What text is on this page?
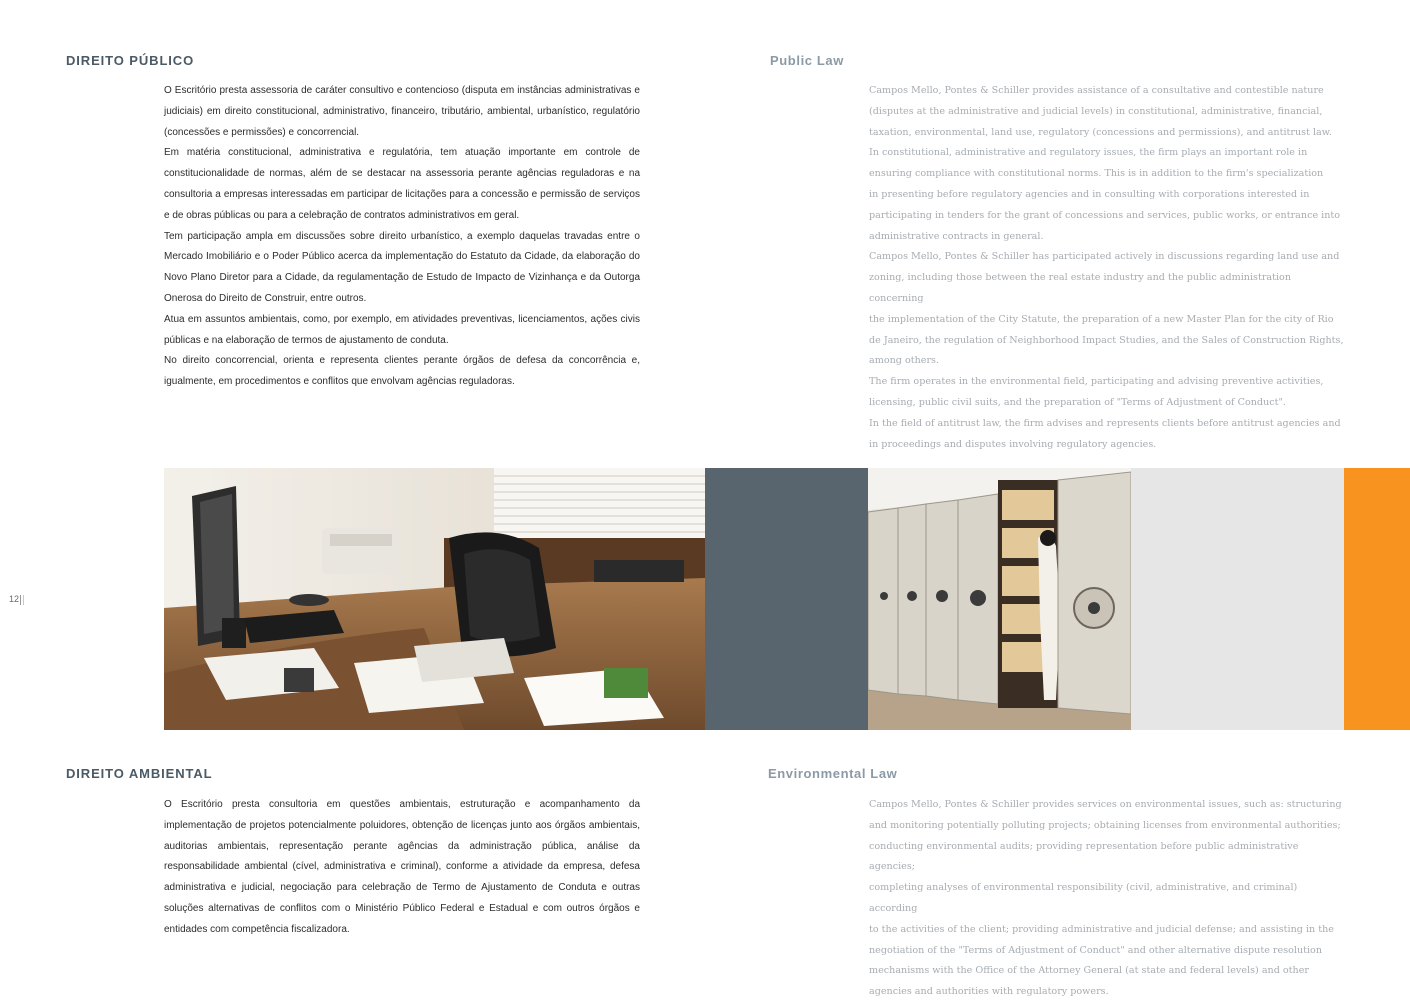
12
DIREITO PÚBLICO	Public Law

O Escritório presta assessoria de caráter consultivo e contencioso (disputa em instâncias administrativas e judiciais) em direito constitucional, administrativo, financeiro, tributário, ambiental, urbanístico, regulatório (concessões e permissões) e concorrencial.

Em matéria constitucional, administrativa e regulatória, tem atuação importante em controle de constitucionalidade de normas, além de se destacar na assessoria perante agências reguladoras e na consultoria a empresas interessadas em participar de licitações para a concessão e permissão de serviços e de obras públicas ou para a celebração de contratos administrativos em geral.

Tem participação ampla em discussões sobre direito urbanístico, a exemplo daquelas travadas entre o Mercado Imobiliário e o Poder Público acerca da implementação do Estatuto da Cidade, da elaboração do Novo Plano Diretor para a Cidade, da regulamentação de Estudo de Impacto de Vizinhança e da Outorga Onerosa do Direito de Construir, entre outros.

Atua em assuntos ambientais, como, por exemplo, em atividades preventivas, licenciamentos, ações civis públicas e na elaboração de termos de ajustamento de conduta.

No direito concorrencial, orienta e representa clientes perante órgãos de defesa da concorrência e, igualmente, em procedimentos e conflitos que envolvam agências reguladoras.

Campos Mello, Pontes & Schiller provides assistance of a consultative and contestible nature

(disputes at the administrative and judicial levels) in constitutional, administrative, financial,

taxation, environmental, land use, regulatory (concessions and permissions), and antitrust law.

In constitutional, administrative and regulatory issues, the firm plays an important role in

ensuring compliance with constitutional norms. This is in addition to the firm's specialization

in presenting before regulatory agencies and in consulting with corporations interested in

participating in tenders for the grant of concessions and services, public works, or entrance into

administrative contracts in general.

Campos Mello, Pontes & Schiller has participated actively in discussions regarding land use and

zoning, including those between the real estate industry and the public administration concerning

the implementation of the City Statute, the preparation of a new Master Plan for the city of Rio

de Janeiro, the regulation of Neighborhood Impact Studies, and the Sales of Construction Rights,

among others.

The firm operates in the environmental field, participating and advising preventive activities,

licensing, public civil suits, and the preparation of "Terms of Adjustment of Conduct".

In the field of antitrust law, the firm advises and represents clients before antitrust agencies and

in proceedings and disputes involving regulatory agencies.

DIREITO AMBIENTAL	Environmental Law

O Escritório presta consultoria em questões ambientais, estruturação e acompanhamento da implementação de projetos potencialmente poluidores, obtenção de licenças junto aos órgãos ambientais, auditorias ambientais, representação perante agências da administração pública, análise da responsabilidade ambiental (cível, administrativa e criminal), conforme a atividade da empresa, defesa administrativa e judicial, negociação para celebração de Termo de Ajustamento de Conduta e outras soluções alternativas de conflitos com o Ministério Público Federal e Estadual e com outros órgãos e entidades com competência fiscalizadora.

Campos Mello, Pontes & Schiller provides services on environmental issues, such as: structuring

and monitoring potentially polluting projects; obtaining licenses from environmental authorities;

conducting environmental audits; providing representation before public administrative agencies;

completing analyses of environmental responsibility (civil, administrative, and criminal) according

to the activities of the client; providing administrative and judicial defense; and assisting in the

negotiation of the "Terms of Adjustment of Conduct" and other alternative dispute resolution

mechanisms with the Office of the Attorney General (at state and federal levels) and other

agencies and authorities with regulatory powers.
